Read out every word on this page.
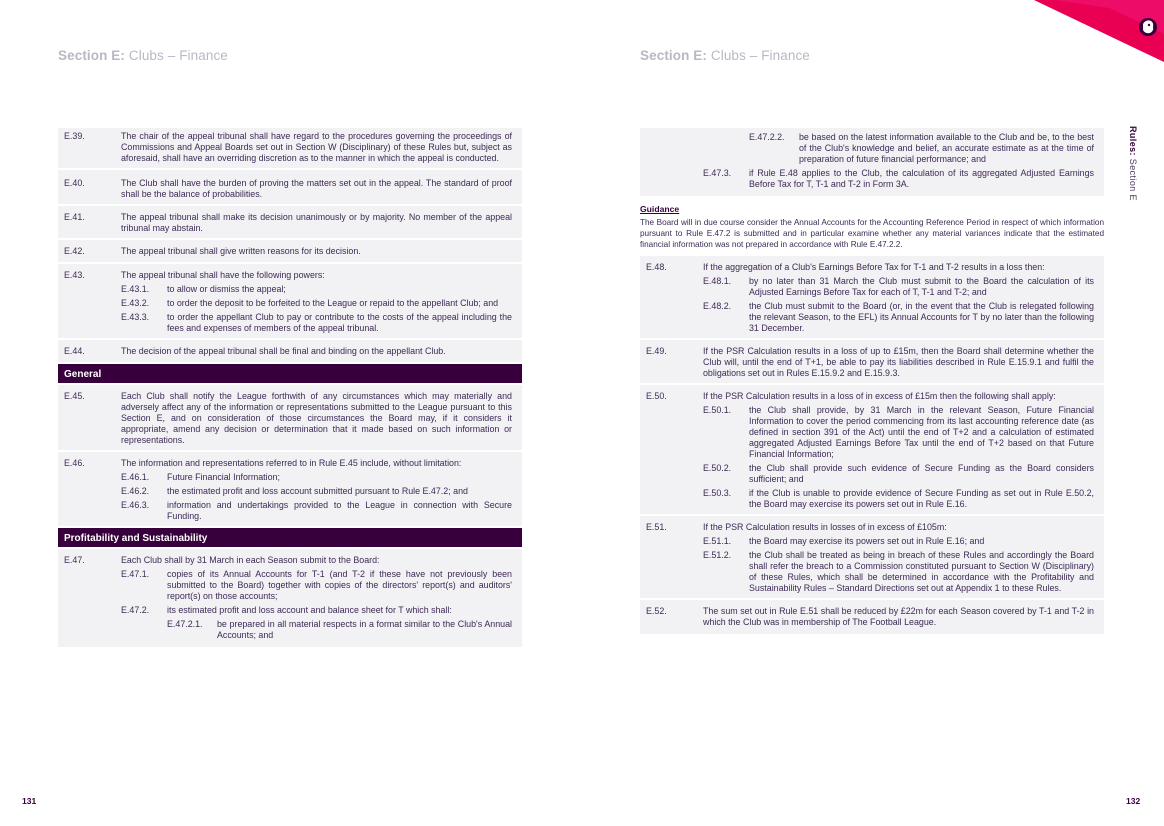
Section E: Clubs – Finance	Section E: Clubs – Finance
Rules: Section E
E.39.	The chair of the appeal tribunal shall have regard to the procedures governing the proceedings of Commissions and Appeal Boards set out in Section W (Disciplinary) of these Rules but, subject as aforesaid, shall have an overriding discretion as to the manner in which the appeal is conducted.
E.40.	The Club shall have the burden of proving the matters set out in the appeal. The standard of proof shall be the balance of probabilities.
E.41.	The appeal tribunal shall make its decision unanimously or by majority. No member of the appeal tribunal may abstain.
E.42.	The appeal tribunal shall give written reasons for its decision.
E.43.	The appeal tribunal shall have the following powers:
E.43.1.	to allow or dismiss the appeal;
E.43.2.	to order the deposit to be forfeited to the League or repaid to the appellant Club; and
E.43.3.	to order the appellant Club to pay or contribute to the costs of the appeal including the fees and expenses of members of the appeal tribunal.
E.44.	The decision of the appeal tribunal shall be final and binding on the appellant Club.
General
E.45.	Each Club shall notify the League forthwith of any circumstances which may materially and adversely affect any of the information or representations submitted to the League pursuant to this Section E, and on consideration of those circumstances the Board may, if it considers it appropriate, amend any decision or determination that it made based on such information or representations.
E.46.	The information and representations referred to in Rule E.45 include, without limitation:
E.46.1.	Future Financial Information;
E.46.2.	the estimated profit and loss account submitted pursuant to Rule E.47.2; and
E.46.3.	information and undertakings provided to the League in connection with Secure Funding.
Profitability and Sustainability
E.47.	Each Club shall by 31 March in each Season submit to the Board:
E.47.1.	copies of its Annual Accounts for T-1 (and T-2 if these have not previously been submitted to the Board) together with copies of the directors' report(s) and auditors' report(s) on those accounts;
E.47.2.	its estimated profit and loss account and balance sheet for T which shall:
E.47.2.1.	be prepared in all material respects in a format similar to the Club's Annual Accounts; and
E.47.2.2.	be based on the latest information available to the Club and be, to the best of the Club's knowledge and belief, an accurate estimate as at the time of preparation of future financial performance; and
E.47.3.	if Rule E.48 applies to the Club, the calculation of its aggregated Adjusted Earnings Before Tax for T, T-1 and T-2 in Form 3A.
Guidance
The Board will in due course consider the Annual Accounts for the Accounting Reference Period in respect of which information pursuant to Rule E.47.2 is submitted and in particular examine whether any material variances indicate that the estimated financial information was not prepared in accordance with Rule E.47.2.2.
E.48.	If the aggregation of a Club's Earnings Before Tax for T-1 and T-2 results in a loss then:
E.48.1.	by no later than 31 March the Club must submit to the Board the calculation of its Adjusted Earnings Before Tax for each of T, T-1 and T-2; and
E.48.2.	the Club must submit to the Board (or, in the event that the Club is relegated following the relevant Season, to the EFL) its Annual Accounts for T by no later than the following 31 December.
E.49.	If the PSR Calculation results in a loss of up to £15m, then the Board shall determine whether the Club will, until the end of T+1, be able to pay its liabilities described in Rule E.15.9.1 and fulfil the obligations set out in Rules E.15.9.2 and E.15.9.3.
E.50.	If the PSR Calculation results in a loss of in excess of £15m then the following shall apply:
E.50.1.	the Club shall provide, by 31 March in the relevant Season, Future Financial Information to cover the period commencing from its last accounting reference date (as defined in section 391 of the Act) until the end of T+2 and a calculation of estimated aggregated Adjusted Earnings Before Tax until the end of T+2 based on that Future Financial Information;
E.50.2.	the Club shall provide such evidence of Secure Funding as the Board considers sufficient; and
E.50.3.	if the Club is unable to provide evidence of Secure Funding as set out in Rule E.50.2, the Board may exercise its powers set out in Rule E.16.
E.51.	If the PSR Calculation results in losses of in excess of £105m:
E.51.1.	the Board may exercise its powers set out in Rule E.16; and
E.51.2.	the Club shall be treated as being in breach of these Rules and accordingly the Board shall refer the breach to a Commission constituted pursuant to Section W (Disciplinary) of these Rules, which shall be determined in accordance with the Profitability and Sustainability Rules – Standard Directions set out at Appendix 1 to these Rules.
E.52.	The sum set out in Rule E.51 shall be reduced by £22m for each Season covered by T-1 and T-2 in which the Club was in membership of The Football League.
131	132
